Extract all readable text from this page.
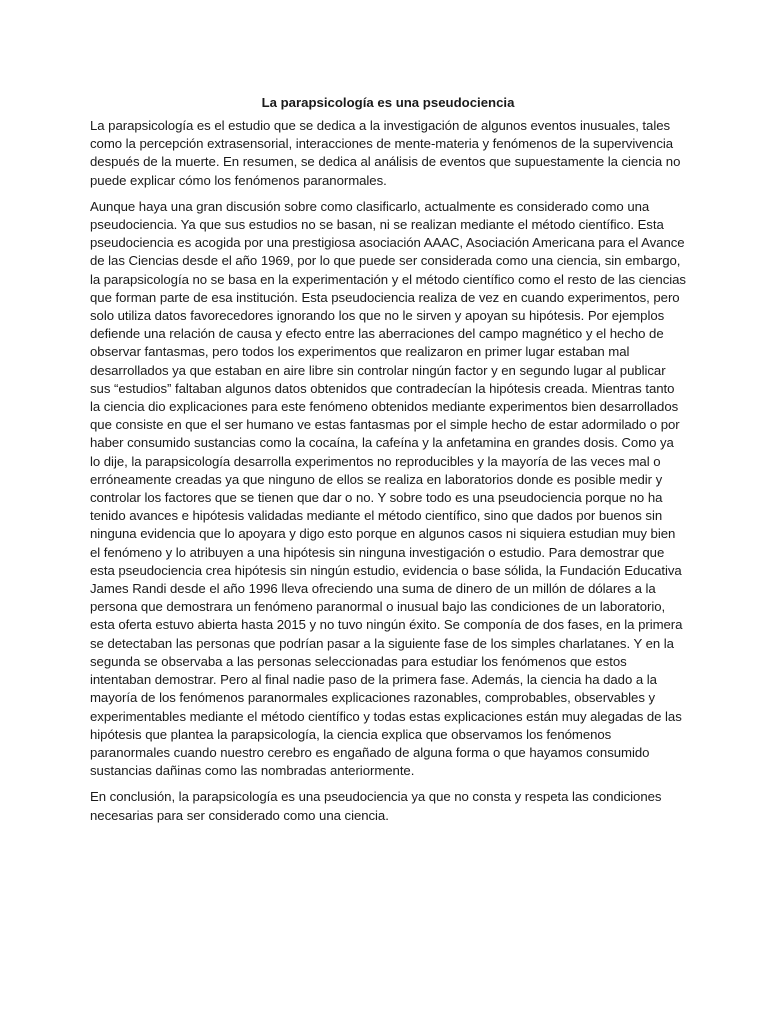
La parapsicología es una pseudociencia

La parapsicología es el estudio que se dedica a la investigación de algunos eventos inusuales, tales como la percepción extrasensorial, interacciones de mente-materia y fenómenos de la supervivencia después de la muerte. En resumen, se dedica al análisis de eventos que supuestamente la ciencia no puede explicar cómo los fenómenos paranormales.

Aunque haya una gran discusión sobre como clasificarlo, actualmente es considerado como una pseudociencia. Ya que sus estudios no se basan, ni se realizan mediante el método científico. Esta pseudociencia es acogida por una prestigiosa asociación AAAC, Asociación Americana para el Avance de las Ciencias desde el año 1969, por lo que puede ser considerada como una ciencia, sin embargo, la parapsicología no se basa en la experimentación y el método científico como el resto de las ciencias que forman parte de esa institución. Esta pseudociencia realiza de vez en cuando experimentos, pero solo utiliza datos favorecedores ignorando los que no le sirven y apoyan su hipótesis. Por ejemplos defiende una relación de causa y efecto entre las aberraciones del campo magnético y el hecho de observar fantasmas, pero todos los experimentos que realizaron en primer lugar estaban mal desarrollados ya que estaban en aire libre sin controlar ningún factor y en segundo lugar al publicar sus “estudios” faltaban algunos datos obtenidos que contradecían la hipótesis creada. Mientras tanto la ciencia dio explicaciones para este fenómeno obtenidos mediante experimentos bien desarrollados que consiste en que el ser humano ve estas fantasmas por el simple hecho de estar adormilado o por haber consumido sustancias como la cocaína, la cafeína y la anfetamina en grandes dosis. Como ya lo dije, la parapsicología desarrolla experimentos no reproducibles y la mayoría de las veces mal o erróneamente creadas ya que ninguno de ellos se realiza en laboratorios donde es posible medir y controlar los factores que se tienen que dar o no. Y sobre todo es una pseudociencia porque no ha tenido avances e hipótesis validadas mediante el método científico, sino que dados por buenos sin ninguna evidencia que lo apoyara y digo esto porque en algunos casos ni siquiera estudian muy bien el fenómeno y lo atribuyen a una hipótesis sin ninguna investigación o estudio. Para demostrar que esta pseudociencia crea hipótesis sin ningún estudio, evidencia o base sólida, la Fundación Educativa James Randi desde el año 1996 lleva ofreciendo una suma de dinero de un millón de dólares a la persona que demostrara un fenómeno paranormal o inusual bajo las condiciones de un laboratorio, esta oferta estuvo abierta hasta 2015 y no tuvo ningún éxito. Se componía de dos fases, en la primera se detectaban las personas que podrían pasar a la siguiente fase de los simples charlatanes. Y en la segunda se observaba a las personas seleccionadas para estudiar los fenómenos que estos intentaban demostrar. Pero al final nadie paso de la primera fase. Además, la ciencia ha dado a la mayoría de los fenómenos paranormales explicaciones razonables, comprobables, observables y experimentables mediante el método científico y todas estas explicaciones están muy alegadas de las hipótesis que plantea la parapsicología, la ciencia explica que observamos los fenómenos paranormales cuando nuestro cerebro es engañado de alguna forma o que hayamos consumido sustancias dañinas como las nombradas anteriormente.

En conclusión, la parapsicología es una pseudociencia ya que no consta y respeta las condiciones necesarias para ser considerado como una ciencia.
